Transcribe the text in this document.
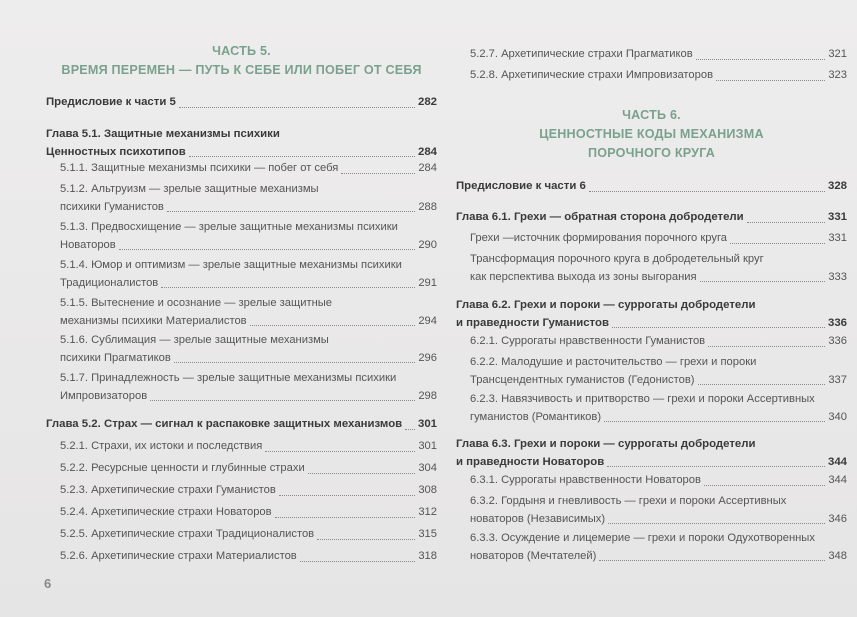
ЧАСТЬ 5.
ВРЕМЯ ПЕРЕМЕН — ПУТЬ К СЕБЕ ИЛИ ПОБЕГ ОТ СЕБЯ
Предисловие к части 5	282
Глава 5.1. Защитные механизмы психики
Ценностных психотипов	284
5.1.1. Защитные механизмы психики — побег от себя	284
5.1.2. Альтруизм — зрелые защитные механизмы
психики Гуманистов	288
5.1.3. Предвосхищение — зрелые защитные механизмы психики
Новаторов	290
5.1.4. Юмор и оптимизм — зрелые защитные механизмы психики
Традиционалистов	291
5.1.5. Вытеснение и осознание — зрелые защитные
механизмы психики Материалистов	294
5.1.6. Сублимация — зрелые защитные механизмы
психики Прагматиков	296
5.1.7. Принадлежность — зрелые защитные механизмы психики
Импровизаторов	298
Глава 5.2. Страх — сигнал к распаковке защитных механизмов 301
5.2.1. Страхи, их истоки и последствия	301
5.2.2. Ресурсные ценности и глубинные страхи	304
5.2.3. Архетипические страхи Гуманистов	308
5.2.4. Архетипические страхи Новаторов	312
5.2.5. Архетипические страхи Традиционалистов	315
5.2.6. Архетипические страхи Материалистов	318
5.2.7. Архетипические страхи Прагматиков	321
5.2.8. Архетипические страхи Импровизаторов	323
ЧАСТЬ 6.
ЦЕННОСТНЫЕ КОДЫ МЕХАНИЗМА
ПОРОЧНОГО КРУГА
Предисловие к части 6	328
Глава 6.1. Грехи — обратная сторона добродетели	331
Грехи —источник формирования порочного круга	331
Трансформация порочного круга в добродетельный круг
как перспектива выхода из зоны выгорания	333
Глава 6.2. Грехи и пороки — суррогаты добродетели
и праведности Гуманистов	336
6.2.1. Суррогаты нравственности Гуманистов	336
6.2.2. Малодушие и расточительство — грехи и пороки
Трансцендентных гуманистов (Гедонистов)	337
6.2.3. Навязчивость и притворство — грехи и пороки Ассертивных
гуманистов (Романтиков)	340
Глава 6.3. Грехи и пороки — суррогаты добродетели
и праведности Новаторов	344
6.3.1. Суррогаты нравственности Новаторов	344
6.3.2. Гордыня и гневливость — грехи и пороки Ассертивных
новаторов (Независимых)	346
6.3.3. Осуждение и лицемерие — грехи и пороки Одухотворенных
новаторов (Мечтателей)	348
6
